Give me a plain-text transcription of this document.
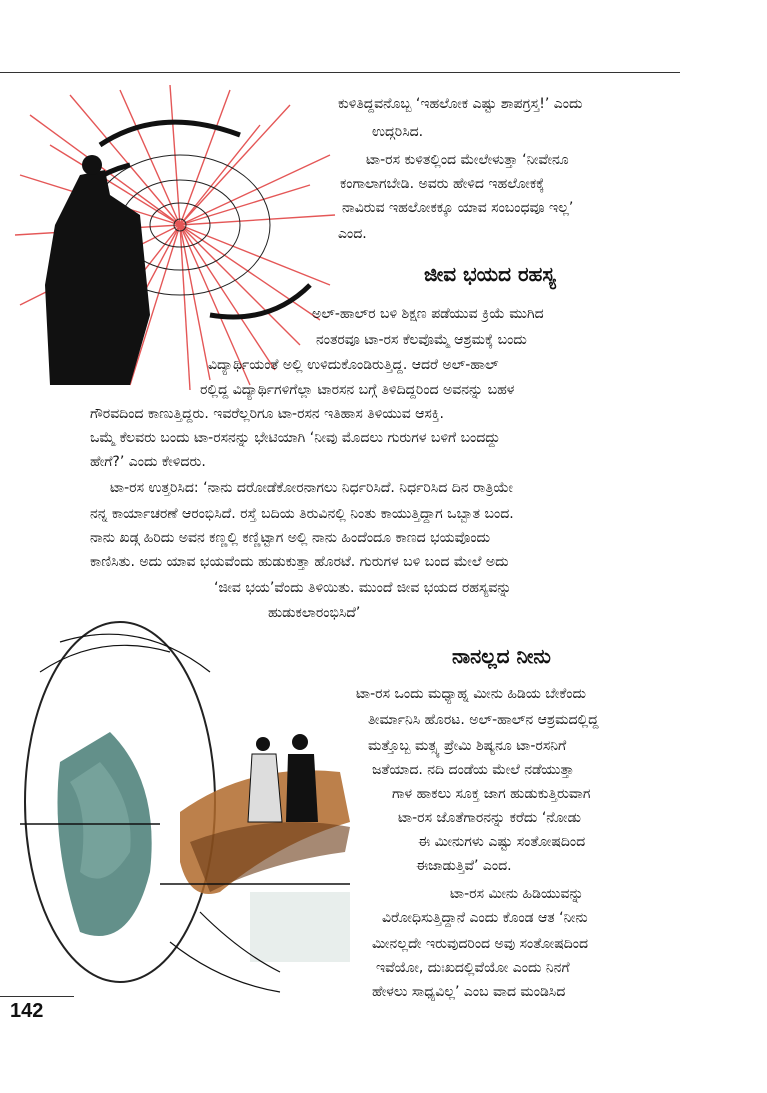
ಕುಳಿತಿದ್ದವನೊಬ್ಬ ‘ಇಹಲೋಕ ಎಷ್ಟು ಶಾಪಗ್ರಸ್ತ!’ ಎಂದು
ಉದ್ಗರಿಸಿದ.
ಟಾ-ರಸ ಕುಳಿತಲ್ಲಿಂದ ಮೇಲೇಳುತ್ತಾ ‘ನೀವೇನೂ
ಕಂಗಾಲಾಗಬೇಡಿ. ಅವರು ಹೇಳಿದ ಇಹಲೋಕಕ್ಕೆ
ನಾವಿರುವ ಇಹಲೋಕಕ್ಕೂ ಯಾವ ಸಂಬಂಧವೂ ಇಲ್ಲ’
ಎಂದ.
ಜೀವ ಭಯದ ರಹಸ್ಯ
ಅಲ್-ಹಾಲ್‌ರ ಬಳಿ ಶಿಕ್ಷಣ ಪಡೆಯುವ ಕ್ರಿಯೆ ಮುಗಿದ
ನಂತರವೂ ಟಾ-ರಸ ಕೆಲವೊಮ್ಮೆ ಆಶ್ರಮಕ್ಕೆ ಬಂದು
ವಿದ್ಯಾರ್ಥಿಯಂತೆ ಅಲ್ಲಿ ಉಳಿದುಕೊಂಡಿರುತ್ತಿದ್ದ. ಆದರೆ ಅಲ್-ಹಾಲ್
ರಲ್ಲಿದ್ದ ವಿದ್ಯಾರ್ಥಿಗಳಿಗೆಲ್ಲಾ ಟಾರಸನ ಬಗ್ಗೆ ತಿಳಿದಿದ್ದರಿಂದ ಅವನನ್ನು ಬಹಳ
ಗೌರವದಿಂದ ಕಾಣುತ್ತಿದ್ದರು. ಇವರೆಲ್ಲರಿಗೂ ಟಾ-ರಸನ ಇತಿಹಾಸ ತಿಳಿಯುವ ಆಸಕ್ತಿ.
ಒಮ್ಮೆ ಕೆಲವರು ಬಂದು ಟಾ-ರಸನನ್ನು ಭೇಟಿಯಾಗಿ ‘ನೀವು ಮೊದಲು ಗುರುಗಳ ಬಳಿಗೆ ಬಂದದ್ದು
ಹೇಗೆ?’ ಎಂದು ಕೇಳಿದರು.
ಟಾ-ರಸ ಉತ್ತರಿಸಿದ: ‘ನಾನು ದರೋಡೆಕೋರನಾಗಲು ನಿರ್ಧರಿಸಿದೆ. ನಿರ್ಧರಿಸಿದ ದಿನ ರಾತ್ರಿಯೇ
ನನ್ನ ಕಾರ್ಯಾಚರಣೆ ಆರಂಭಿಸಿದೆ. ರಸ್ತೆ ಬದಿಯ ತಿರುವಿನಲ್ಲಿ ನಿಂತು ಕಾಯುತ್ತಿದ್ದಾಗ ಒಬ್ಬಾತ ಬಂದ.
ನಾನು ಖಡ್ಗ ಹಿರಿದು ಅವನ ಕಣ್ಣಲ್ಲಿ ಕಣ್ಣಿಟ್ಟಾಗ ಅಲ್ಲಿ ನಾನು ಹಿಂದೆಂದೂ ಕಾಣದ ಭಯವೊಂದು
ಕಾಣಿಸಿತು. ಅದು ಯಾವ ಭಯವೆಂದು ಹುಡುಕುತ್ತಾ ಹೊರಟೆ. ಗುರುಗಳ ಬಳಿ ಬಂದ ಮೇಲೆ ಅದು
‘ಜೀವ ಭಯ’ವೆಂದು ತಿಳಿಯಿತು. ಮುಂದೆ ಜೀವ ಭಯದ ರಹಸ್ಯವನ್ನು
ಹುಡುಕಲಾರಂಭಿಸಿದೆ’
ನಾನಲ್ಲದ ನೀನು
ಟಾ-ರಸ ಒಂದು ಮಧ್ಯಾಹ್ನ ಮೀನು ಹಿಡಿಯ ಬೇಕೆಂದು
ತೀರ್ಮಾನಿಸಿ ಹೊರಟ. ಅಲ್-ಹಾಲ್‌ನ ಆಶ್ರಮದಲ್ಲಿದ್ದ
ಮತ್ತೊಬ್ಬ ಮತ್ಸ್ಯ ಪ್ರೇಮಿ ಶಿಷ್ಯನೂ ಟಾ-ರಸನಿಗೆ
ಜತೆಯಾದ. ನದಿ ದಂಡೆಯ ಮೇಲೆ ನಡೆಯುತ್ತಾ
ಗಾಳ ಹಾಕಲು ಸೂಕ್ತ ಜಾಗ ಹುಡುಕುತ್ತಿರುವಾಗ
ಟಾ-ರಸ ಜೊತೆಗಾರನನ್ನು ಕರೆದು ‘ನೋಡು
ಈ ಮೀನುಗಳು ಎಷ್ಟು ಸಂತೋಷದಿಂದ
ಈಜಾಡುತ್ತಿವೆ’ ಎಂದ.
ಟಾ-ರಸ ಮೀನು ಹಿಡಿಯುವನ್ನು
ವಿರೋಧಿಸುತ್ತಿದ್ದಾನೆ ಎಂದು ಕೊಂಡ ಆತ ‘ನೀನು
ಮೀನಲ್ಲದೇ ಇರುವುದರಿಂದ ಅವು ಸಂತೋಷದಿಂದ
ಇವೆಯೋ, ದುಃಖದಲ್ಲಿವೆಯೋ ಎಂದು ನಿನಗೆ
ಹೇಳಲು ಸಾಧ್ಯವಿಲ್ಲ’ ಎಂಬ ವಾದ ಮಂಡಿಸಿದ
142
